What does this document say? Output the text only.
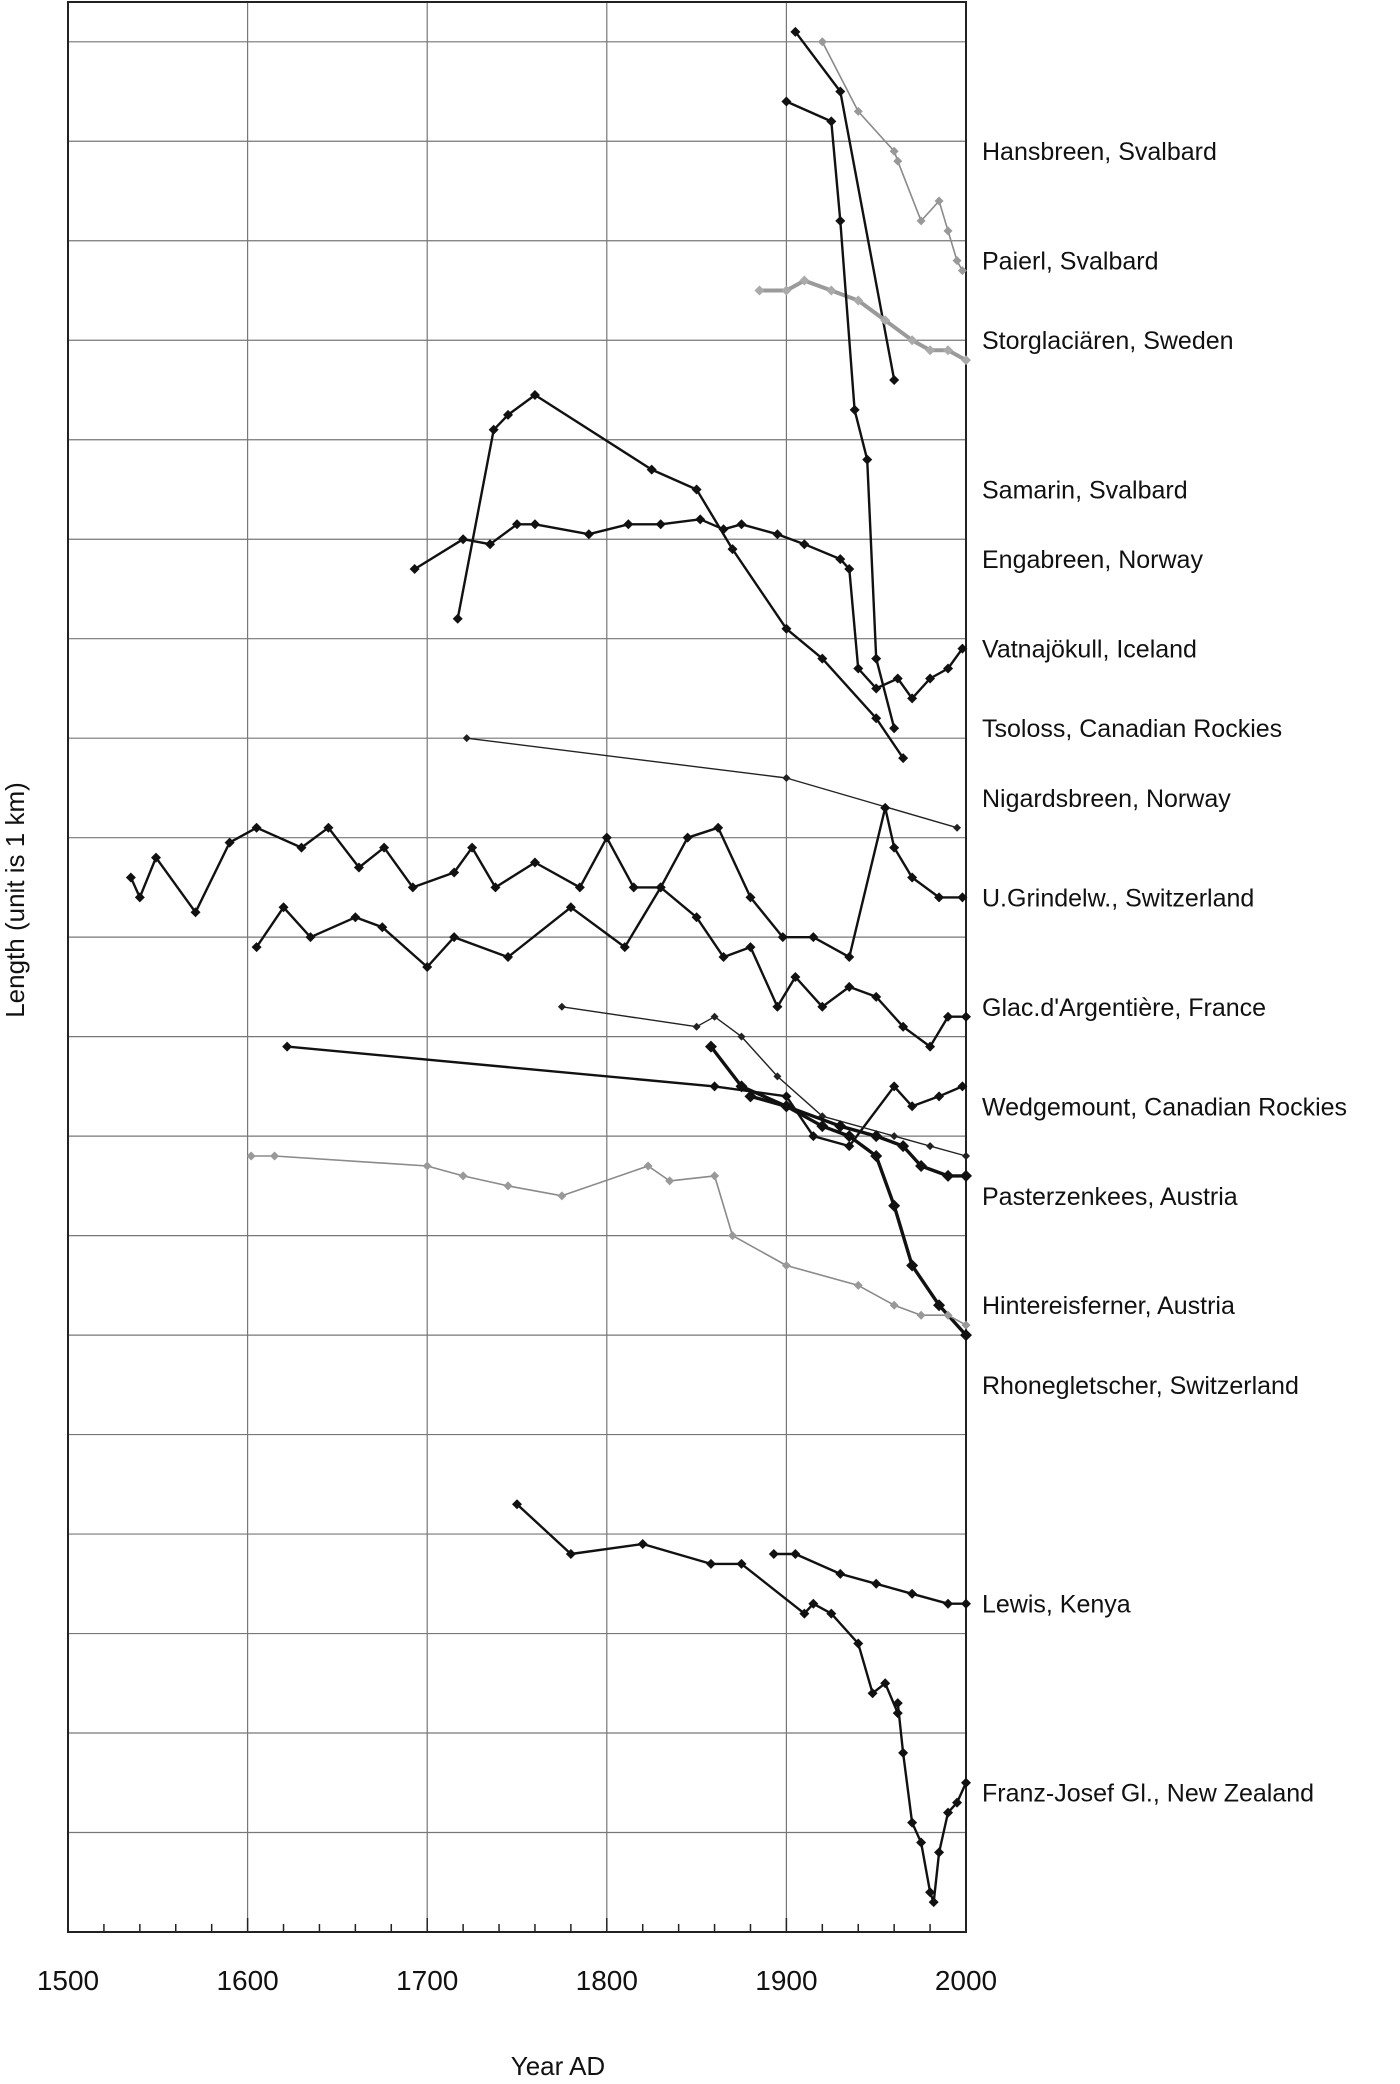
1500	1600	1700	1800	1900	2000
Hansbreen, Svalbard
Paierl, Svalbard
Storglaciären, Sweden
Samarin, Svalbard
Engabreen, Norway
Vatnajökull, Iceland
Tsoloss, Canadian Rockies
Nigardsbreen, Norway
U.Grindelw., Switzerland
Glac.d'Argentière, France
Wedgemount, Canadian Rockies
Pasterzenkees, Austria
Hintereisferner, Austria
Rhonegletscher, Switzerland
Lewis, Kenya
Franz-Josef Gl., New Zealand
Length (unit is 1 km)
Year AD
